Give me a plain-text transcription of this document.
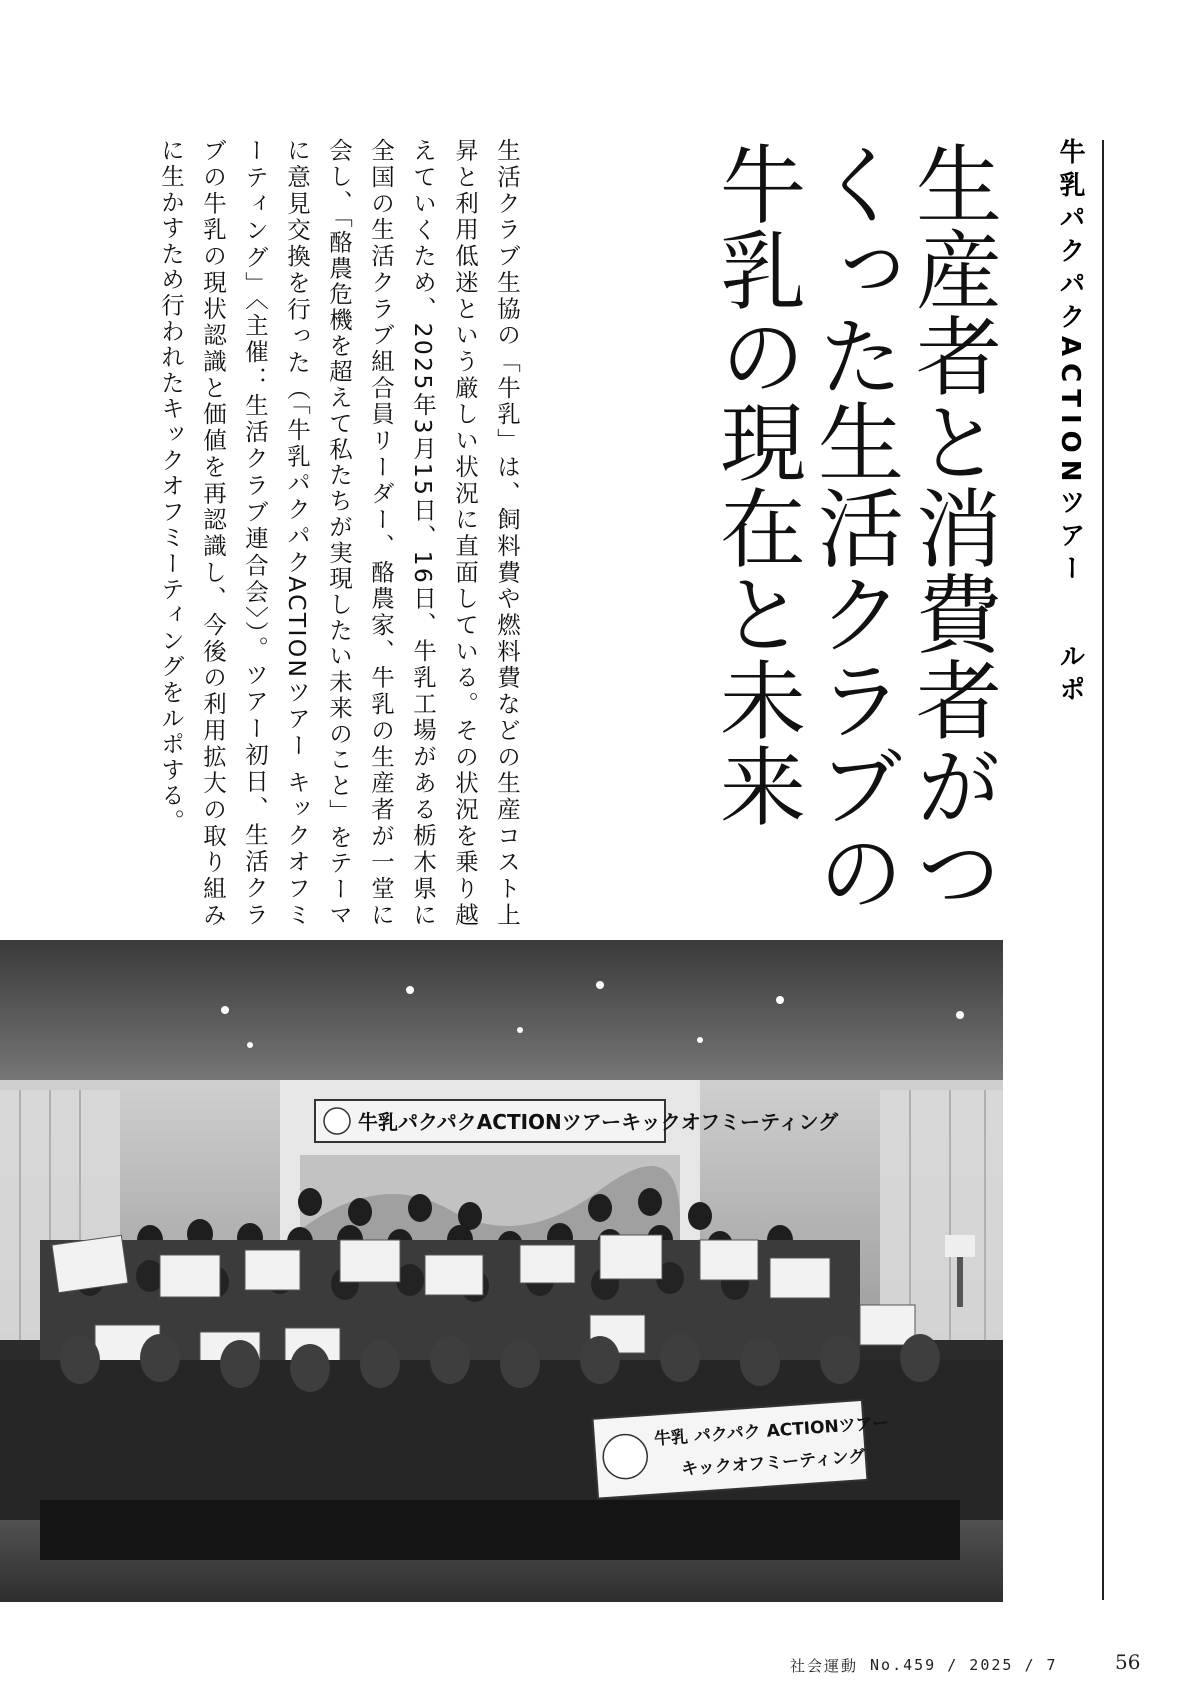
牛乳パクパクACTIONツアールポ
生産者と消費者がつくった生活クラブの牛乳の現在と未来
生活クラブ生協の「牛乳」は、飼料費や燃料費などの生産コスト上昇と利用低迷という厳しい状況に直面している。その状況を乗り越えていくため、2025年3月15日、16日、牛乳工場がある栃木県に全国の生活クラブ組合員リーダー、酪農家、牛乳の生産者が一堂に会し、「酪農危機を超えて私たちが実現したい未来のこと」をテーマに意見交換を行った（「牛乳パクパクACTIONツアー キックオフミーティング」〈主催：生活クラブ連合会〉）。ツアー初日、生活クラブの牛乳の現状認識と価値を再認識し、今後の利用拡大の取り組みに生かすため行われたキックオフミーティングをルポする。
牛乳パクパクACTIONツアーキックオフミーティング
牛乳 パクパク ACTIONツアー
キックオフミーティング
社会運動 No.459 / 2025 / 7	56
